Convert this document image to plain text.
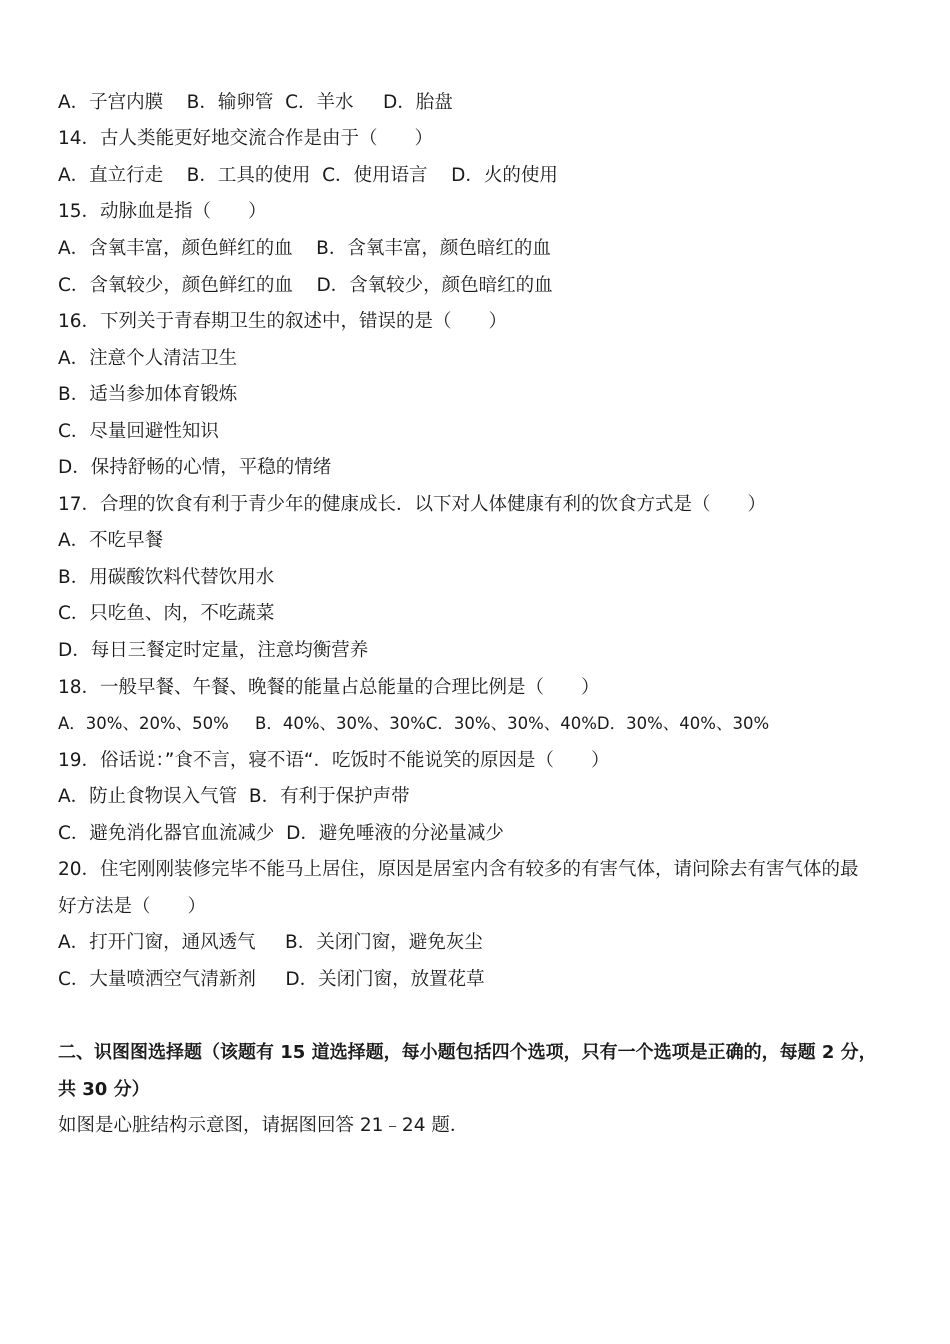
A．子宫内膜    B．输卵管  C．羊水     D．胎盘
14．古人类能更好地交流合作是由于（　　）
A．直立行走    B．工具的使用  C．使用语言    D．火的使用
15．动脉血是指（　　）
A．含氧丰富，颜色鲜红的血    B．含氧丰富，颜色暗红的血
C．含氧较少，颜色鲜红的血    D．含氧较少，颜色暗红的血
16．下列关于青春期卫生的叙述中，错误的是（　　）
A．注意个人清洁卫生
B．适当参加体育锻炼
C．尽量回避性知识
D．保持舒畅的心情，平稳的情绪
17．合理的饮食有利于青少年的健康成长．以下对人体健康有利的饮食方式是（　　）
A．不吃早餐
B．用碳酸饮料代替饮用水
C．只吃鱼、肉，不吃蔬菜
D．每日三餐定时定量，注意均衡营养
18．一般早餐、午餐、晚餐的能量占总能量的合理比例是（　　）
A．30%、20%、50%     B．40%、30%、30%C．30%、30%、40%D．30%、40%、30%
19．俗话说：”食不言，寝不语“．吃饭时不能说笑的原因是（　　）
A．防止食物误入气管  B．有利于保护声带
C．避免消化器官血流减少  D．避免唾液的分泌量减少
20．住宅刚刚装修完毕不能马上居住，原因是居室内含有较多的有害气体，请问除去有害气体的最
好方法是（　　）
A．打开门窗，通风透气     B．关闭门窗，避免灰尘
C．大量喷洒空气清新剂     D．关闭门窗，放置花草
二、识图图选择题（该题有 15 道选择题，每小题包括四个选项，只有一个选项是正确的，每题 2 分，
共 30 分）
如图是心脏结构示意图，请据图回答 21﹣24 题．
